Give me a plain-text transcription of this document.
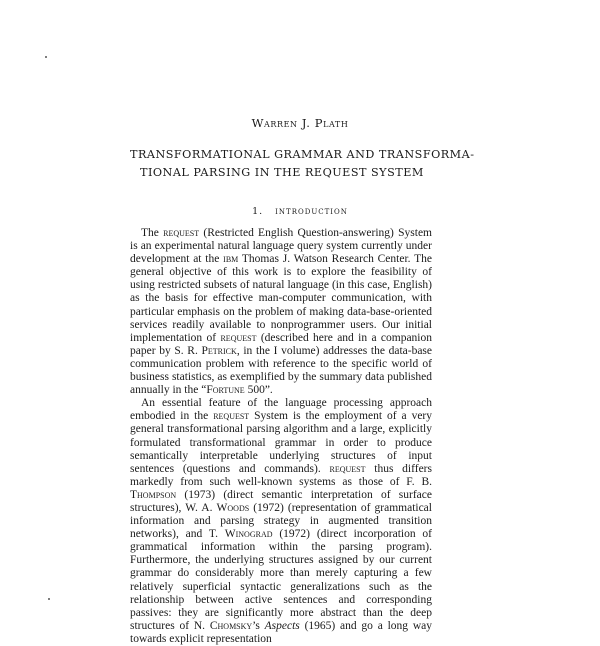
Warren J. Plath
TRANSFORMATIONAL GRAMMAR AND TRANSFORMA-
TIONAL PARSING IN THE REQUEST SYSTEM
1. introduction

The request (Restricted English Question-answering) System is an experimental natural language query system currently under development at the ibm Thomas J. Watson Research Center. The general objective of this work is to explore the feasibility of using restricted subsets of natural language (in this case, English) as the basis for effective man-computer communication, with particular emphasis on the problem of making data-base-oriented services readily available to nonprogrammer users. Our initial implementation of request (described here and in a companion paper by S. R. Petrick, in the I volume) addresses the data-base communication problem with reference to the specific world of business statistics, as exemplified by the summary data published annually in the “Fortune 500”.

An essential feature of the language processing approach embodied in the request System is the employment of a very general transformational parsing algorithm and a large, explicitly formulated transformational grammar in order to produce semantically interpretable underlying structures of input sentences (questions and commands). request thus differs markedly from such well-known systems as those of F. B. Thompson (1973) (direct semantic interpretation of surface structures), W. A. Woods (1972) (representation of grammatical information and parsing strategy in augmented transition networks), and T. Winograd (1972) (direct incorporation of grammatical information within the parsing program). Furthermore, the underlying structures assigned by our current grammar do considerably more than merely capturing a few relatively superficial syntactic generalizations such as the relationship between active sentences and corresponding passives: they are significantly more abstract than the deep structures of N. Chomsky’s Aspects (1965) and go a long way towards explicit representation
